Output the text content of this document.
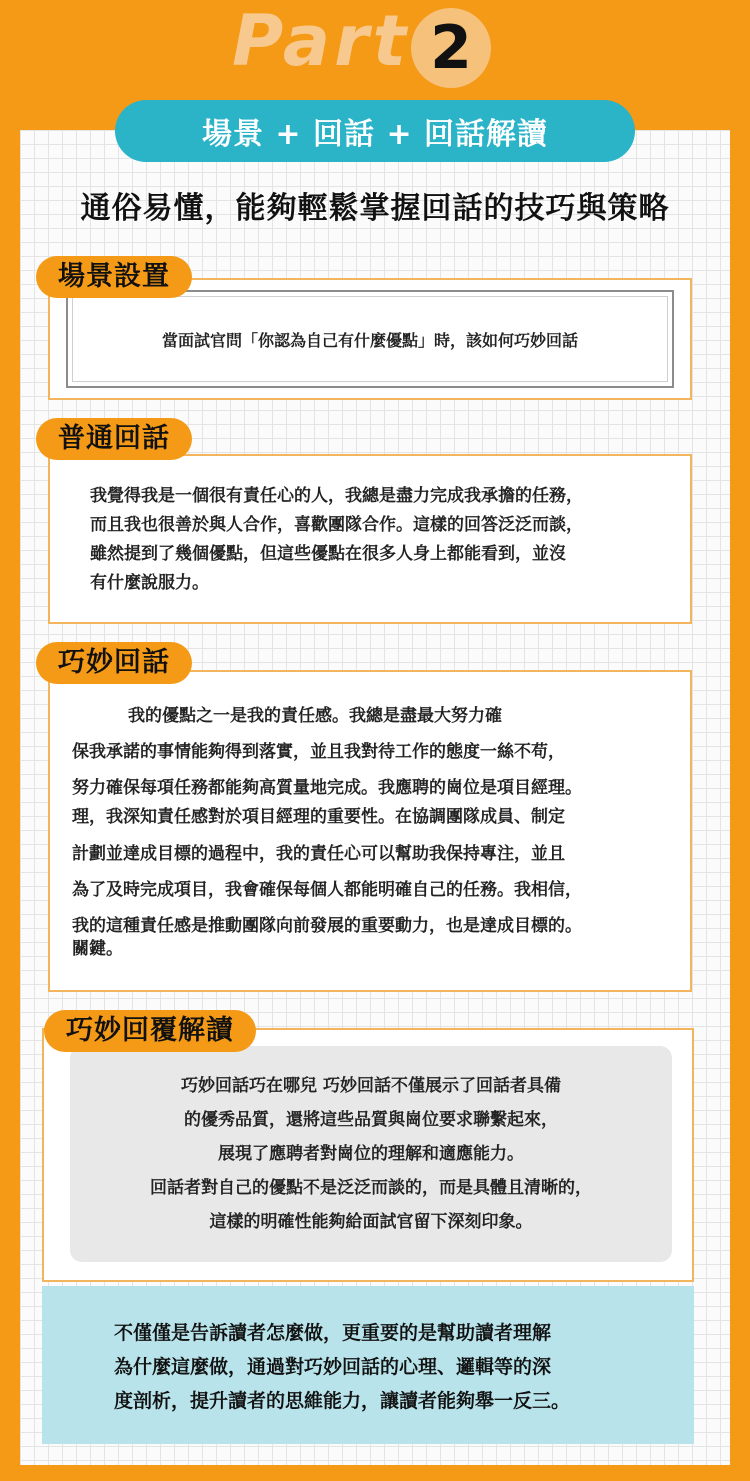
Part 2
場景 + 回話 + 回話解讀
通俗易懂，能夠輕鬆掌握回話的技巧與策略
場景設置
當面試官問「你認為自己有什麼優點」時，該如何巧妙回話
普通回話
我覺得我是一個很有責任心的人，我總是盡力完成我承擔的任務，
而且我也很善於與人合作，喜歡團隊合作。這樣的回答泛泛而談，
雖然提到了幾個優點，但這些優點在很多人身上都能看到，並沒
有什麼說服力。
巧妙回話
我的優點之一是我的責任感。我總是盡最大努力確
保我承諾的事情能夠得到落實，並且我對待工作的態度一絲不苟，
努力確保每項任務都能夠高質量地完成。我應聘的崗位是項目經理。
理，我深知責任感對於項目經理的重要性。在協調團隊成員、制定
計劃並達成目標的過程中，我的責任心可以幫助我保持專注，並且
為了及時完成項目，我會確保每個人都能明確自己的任務。我相信，
我的這種責任感是推動團隊向前發展的重要動力，也是達成目標的。
關鍵。
巧妙回覆解讀
巧妙回話巧在哪兒 巧妙回話不僅展示了回話者具備
的優秀品質，還將這些品質與崗位要求聯繫起來，
展現了應聘者對崗位的理解和適應能力。
回話者對自己的優點不是泛泛而談的，而是具體且清晰的，
這樣的明確性能夠給面試官留下深刻印象。
不僅僅是告訴讀者怎麼做，更重要的是幫助讀者理解
為什麼這麼做，通過對巧妙回話的心理、邏輯等的深
度剖析，提升讀者的思維能力，讓讀者能夠舉一反三。
